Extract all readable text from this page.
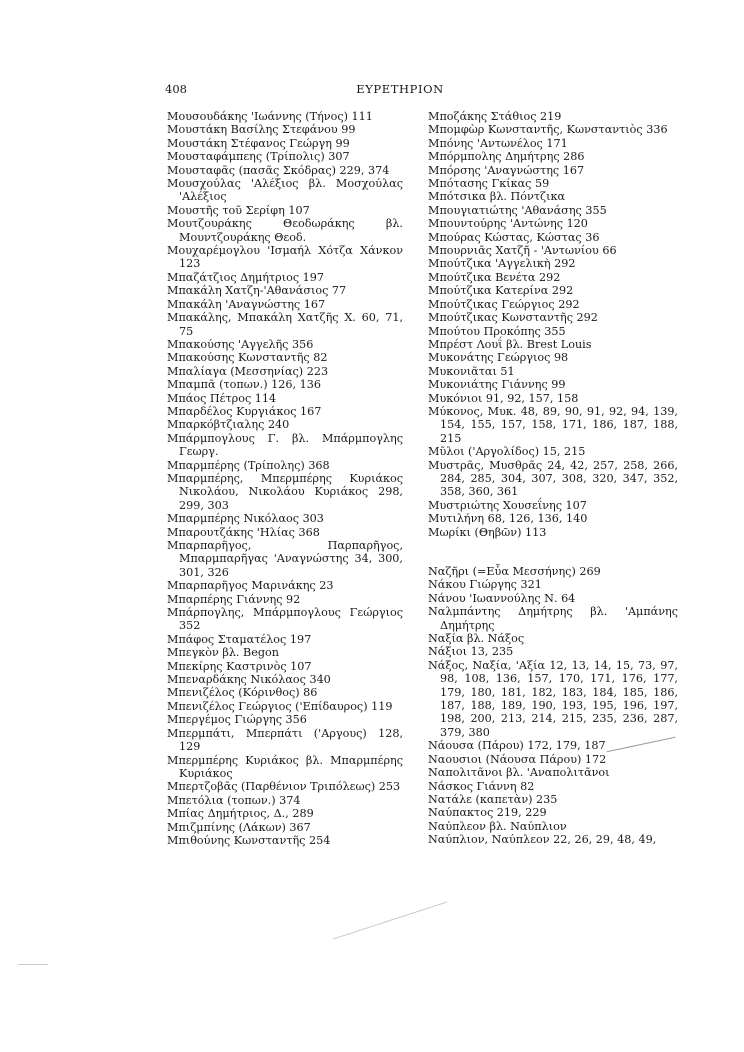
408	ΕΥΡΕΤΗΡΙΟΝ

Μουσουδάκης 'Ιωάννης (Τήνος) 111

Μουστάκη Βασίλης Στεφάνου 99

Μουστάκη Στέφανος Γεώργη 99

Μουσταφάμπεης (Τρίπολις) 307

Μουσταφᾶς (πασᾶς Σκόδρας) 229, 374

Μουσχούλας 'Αλέξιος βλ. Μοσχούλας 'Αλέξιος

Μουστῆς τοῦ Σερίφη 107

Μουτζουράκης Θεοδωράκης βλ. Μουντζουράκης Θεοδ.

Μουχαρέμογλου 'Ισμαήλ Χότζα Χάνκον 123

Μπαζάτζιος Δημήτριος 197

Μπακάλη Χατζη-'Αθανάσιος 77

Μπακάλη 'Αναγνώστης 167

Μπακάλης, Μπακάλη Χατζῆς Χ. 60, 71, 75

Μπακούσης 'Αγγελῆς 356

Μπακούσης Κωνσταντῆς 82

Μπαλίαγα (Μεσσηνίας) 223

Μπαμπᾶ (τοπων.) 126, 136

Μπάος Πέτρος 114

Μπαρδέλος Κυργιάκος 167

Μπαρκόβτζιαλης 240

Μπάρμπογλους Γ. βλ. Μπάρμπογλης Γεωργ.

Μπαρμπέρης (Τρίπολης) 368

Μπαρμπέρης, Μπερμπέρης Κυριάκος Νικολάου, Νικολάου Κυριάκος 298, 299, 303

Μπαρμπέρης Νικόλαος 303

Μπαρουτζάκης 'Ηλίας 368

Μπαρπαρῆγος, Παρπαρῆγος, Μπαρμπαρῆγας 'Αναγνώστης 34, 300, 301, 326

Μπαρπαρῆγος Μαρινάκης 23

Μπαρπέρης Γιάννης 92

Μπάρπογλης, Μπάρμπογλους Γεώργιος 352

Μπάφος Σταματέλος 197

Μπεγκὸν βλ. Begon

Μπεκίρης Καστρινὸς 107

Μπεναρδάκης Νικόλαος 340

Μπενιζέλος (Κόρινθος) 86

Μπενιζέλος Γεώργιος ('Επίδαυρος) 119

Μπεργέμος Γιώργης 356

Μπερμπάτι, Μπερπάτι ('Αργους) 128, 129

Μπερμπέρης Κυριάκος βλ. Μπαρμπέρης Κυριάκος

Μπερτζοβᾶς (Παρθένιον Τριπόλεως) 253

Μπετόλια (τοπων.) 374

Μπίας Δημήτριος, Δ., 289

Μπιζμπίνης (Λάκων) 367

Μπιθούνης Κωνσταντῆς 254

Μποζάκης Στάθιος 219

Μπομφὼρ Κωνσταντῆς, Κωνσταντιὸς 336

Μπόνης 'Αντωνέλος 171

Μπόρμπολης Δημήτρης 286

Μπόρσης 'Αναγνώστης 167

Μπότασης Γκίκας 59

Μπότσικα βλ. Πόντζικα

Μπουγιατιώτης 'Αθανάσης 355

Μπουντούρης 'Αντώνης 120

Μπούρας Κώστας, Κώστας 36

Μπουρνιᾶς Χατζῆ - 'Αντωνίου 66

Μπούτζικα 'Αγγελικὴ 292

Μπούτζικα Βενέτα 292

Μπούτζικα Κατερίνα 292

Μπούτζικας Γεώργιος 292

Μπούτζικας Κωνσταντῆς 292

Μπούτου Προκόπης 355

Μπρέστ Λουΐ βλ. Brest Louis

Μυκονάτης Γεώργιος 98

Μυκονιᾶται 51

Μυκονιάτης Γιάννης 99

Μυκόνιοι 91, 92, 157, 158

Μύκονος, Μυκ. 48, 89, 90, 91, 92, 94, 139, 154, 155, 157, 158, 171, 186, 187, 188, 215

Μῦλοι ('Αργολίδος) 15, 215

Μυστρᾶς, Μυσθρᾶς 24, 42, 257, 258, 266, 284, 285, 304, 307, 308, 320, 347, 352, 358, 360, 361

Μυστριώτης Χουσεΐνης 107

Μυτιλήνη 68, 126, 136, 140

Μωρίκι (Θηβῶν) 113

Ναζῆρι (=Εὖα Μεσσήνης) 269

Νάκου Γιώργης 321

Νάνου 'Ιωαννούλης Ν. 64

Ναλμπάντης Δημήτρης βλ. 'Αμπάνης Δημήτρης

Ναξία βλ. Νάξος

Νάξιοι 13, 235

Νάξος, Ναξία, 'Αξία 12, 13, 14, 15, 73, 97, 98, 108, 136, 157, 170, 171, 176, 177, 179, 180, 181, 182, 183, 184, 185, 186, 187, 188, 189, 190, 193, 195, 196, 197, 198, 200, 213, 214, 215, 235, 236, 287, 379, 380

Νάουσα (Πάρου) 172, 179, 187

Ναουσιοι (Νάουσα Πάρου) 172

Ναπολιτᾶνοι βλ. 'Αναπολιτᾶνοι

Νάσκος Γιάννη 82

Νατάλε (καπετὰν) 235

Ναύπακτος 219, 229

Ναύπλεον βλ. Ναύπλιον

Ναύπλιον, Ναύπλεον 22, 26, 29, 48, 49,
